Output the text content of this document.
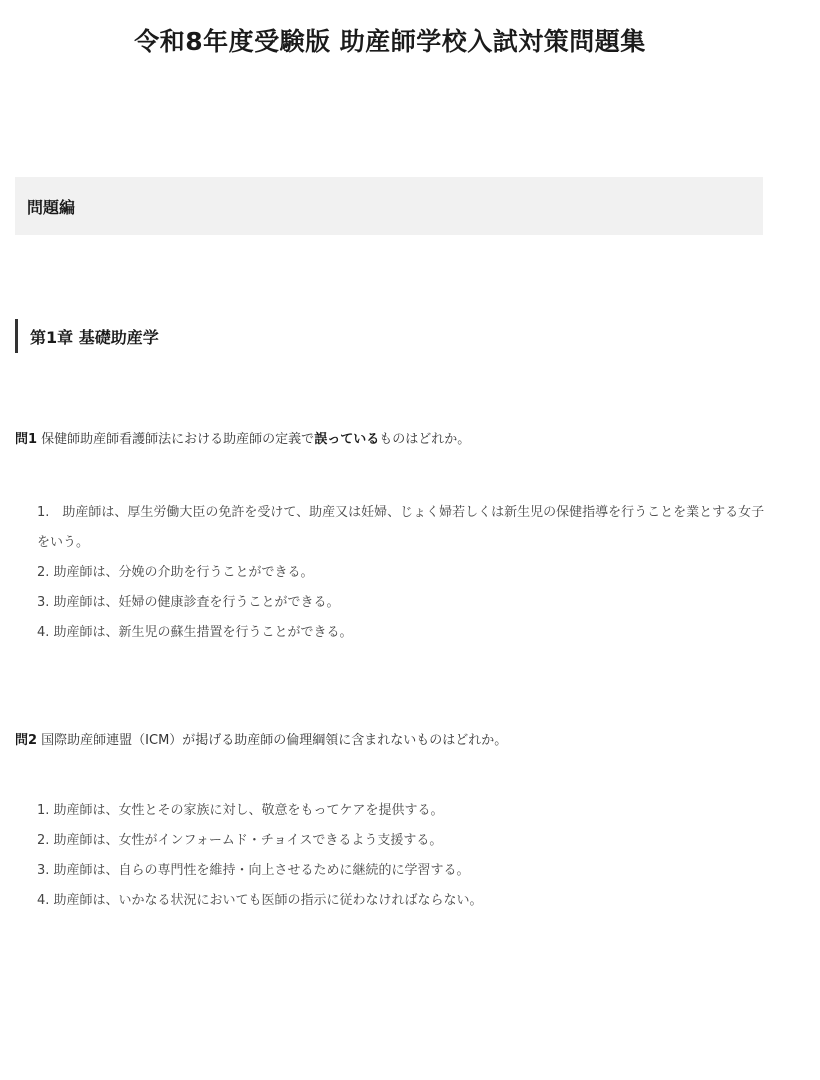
令和8年度受験版 助産師学校入試対策問題集
問題編
第1章 基礎助産学
問1 保健師助産師看護師法における助産師の定義で誤っているものはどれか。
1.　助産師は、厚生労働大臣の免許を受けて、助産又は妊婦、じょく婦若しくは新生児の保健指導を行うことを業とする女子をいう。
2. 助産師は、分娩の介助を行うことができる。
3. 助産師は、妊婦の健康診査を行うことができる。
4. 助産師は、新生児の蘇生措置を行うことができる。
問2 国際助産師連盟（ICM）が掲げる助産師の倫理綱領に含まれないものはどれか。
1. 助産師は、女性とその家族に対し、敬意をもってケアを提供する。
2. 助産師は、女性がインフォームド・チョイスできるよう支援する。
3. 助産師は、自らの専門性を維持・向上させるために継続的に学習する。
4. 助産師は、いかなる状況においても医師の指示に従わなければならない。
